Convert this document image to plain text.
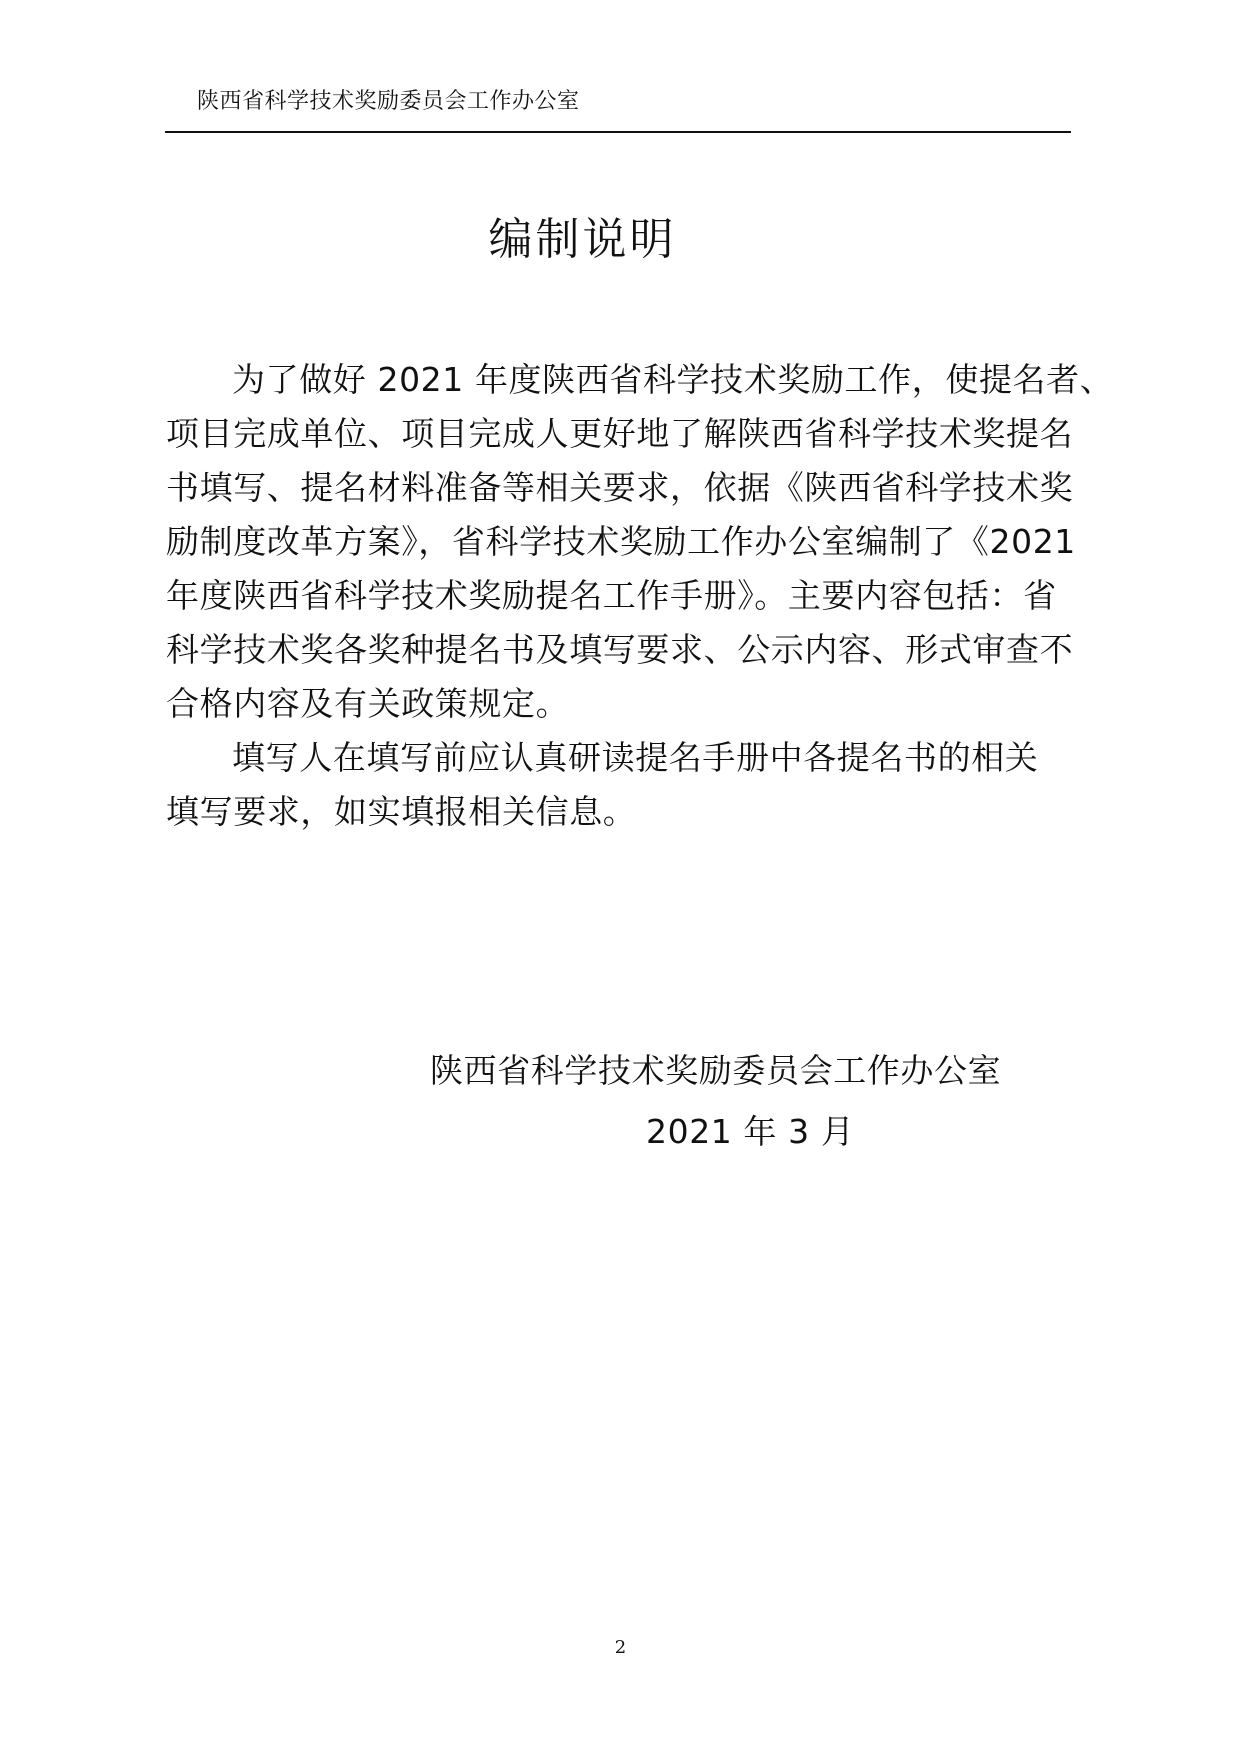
陕西省科学技术奖励委员会工作办公室
编制说明

为了做好 2021 年度陕西省科学技术奖励工作，使提名者、
项目完成单位、项目完成人更好地了解陕西省科学技术奖提名
书填写、提名材料准备等相关要求，依据《陕西省科学技术奖
励制度改革方案》，省科学技术奖励工作办公室编制了《2021
年度陕西省科学技术奖励提名工作手册》。主要内容包括：省
科学技术奖各奖种提名书及填写要求、公示内容、形式审查不
合格内容及有关政策规定。

填写人在填写前应认真研读提名手册中各提名书的相关
填写要求，如实填报相关信息。

陕西省科学技术奖励委员会工作办公室
2021 年 3 月
2
